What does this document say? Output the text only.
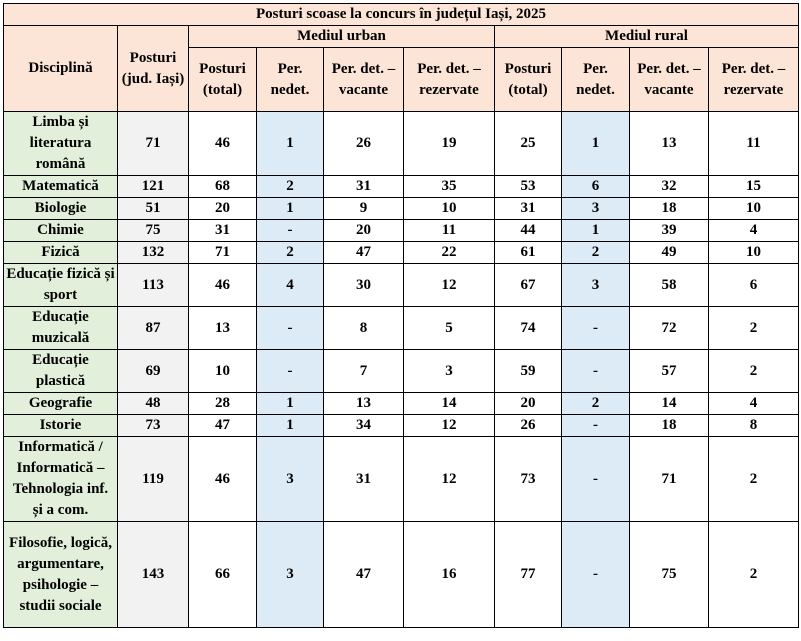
Posturi scoase la concurs în județul Iași, 2025									
Disciplină	Posturi (jud. Iași)	Mediul urban				Mediul rural			
		Posturi (total)	Per. nedet.	Per. det. – vacante	Per. det. – rezervate	Posturi (total)	Per. nedet.	Per. det. – vacante	Per. det. – rezervate
Limba și literatura română	71	46	1	26	19	25	1	13	11
Matematică	121	68	2	31	35	53	6	32	15
Biologie	51	20	1	9	10	31	3	18	10
Chimie	75	31	-	20	11	44	1	39	4
Fizică	132	71	2	47	22	61	2	49	10
Educație fizică și sport	113	46	4	30	12	67	3	58	6
Educație muzicală	87	13	-	8	5	74	-	72	2
Educație plastică	69	10	-	7	3	59	-	57	2
Geografie	48	28	1	13	14	20	2	14	4
Istorie	73	47	1	34	12	26	-	18	8
Informatică / Informatică – Tehnologia inf. și a com.	119	46	3	31	12	73	-	71	2
Filosofie, logică, argumentare, psihologie – studii sociale	143	66	3	47	16	77	-	75	2
